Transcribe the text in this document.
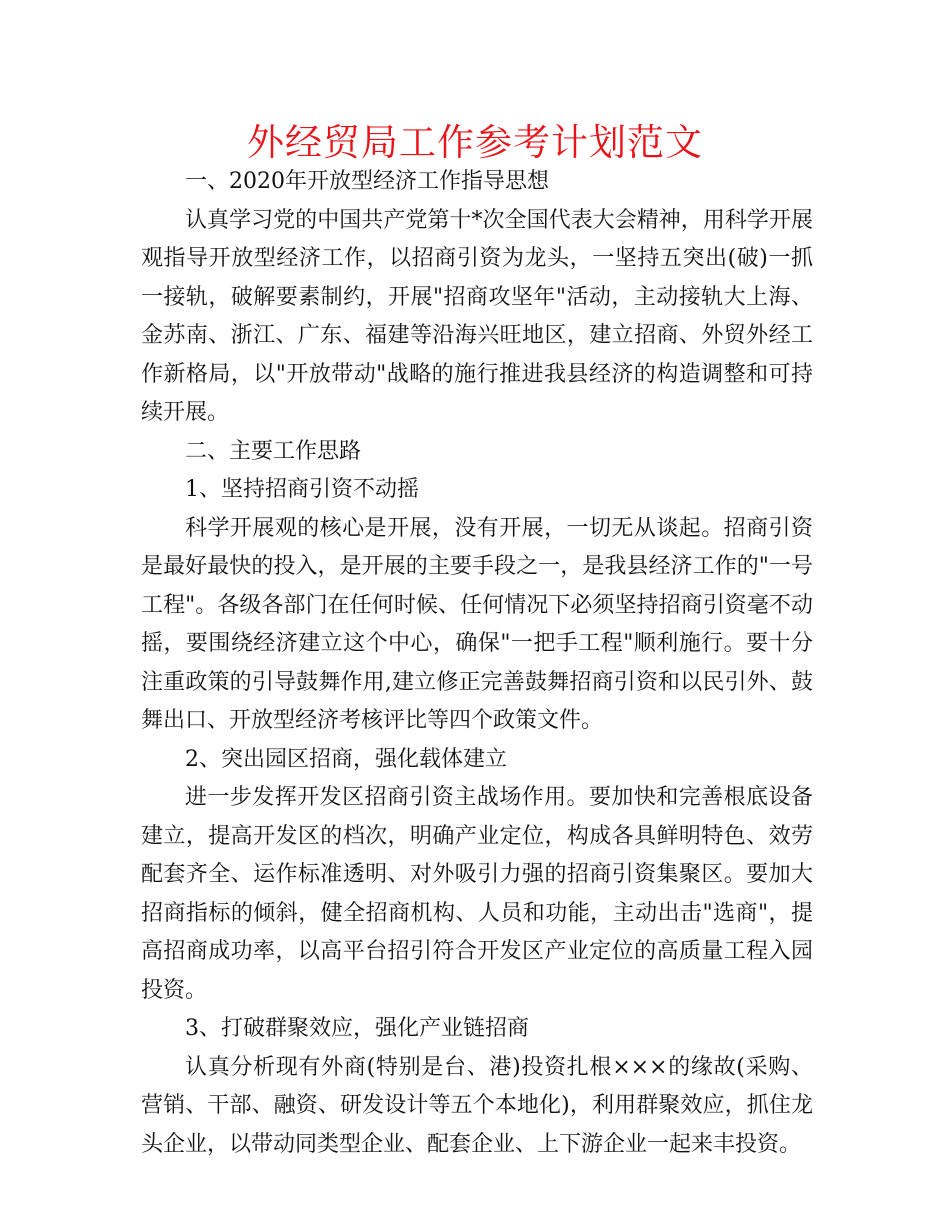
外经贸局工作参考计划范文

一、2020年开放型经济工作指导思想

认真学习党的中国共产党第十*次全国代表大会精神，用科学开展观指导开放型经济工作，以招商引资为龙头，一坚持五突出(破)一抓一接轨，破解要素制约，开展"招商攻坚年"活动，主动接轨大上海、金苏南、浙江、广东、福建等沿海兴旺地区，建立招商、外贸外经工作新格局，以"开放带动"战略的施行推进我县经济的构造调整和可持续开展。

二、主要工作思路

1、坚持招商引资不动摇

科学开展观的核心是开展，没有开展，一切无从谈起。招商引资是最好最快的投入，是开展的主要手段之一，是我县经济工作的"一号工程"。各级各部门在任何时候、任何情况下必须坚持招商引资毫不动摇，要围绕经济建立这个中心，确保"一把手工程"顺利施行。要十分注重政策的引导鼓舞作用,建立修正完善鼓舞招商引资和以民引外、鼓舞出口、开放型经济考核评比等四个政策文件。

2、突出园区招商，强化载体建立

进一步发挥开发区招商引资主战场作用。要加快和完善根底设备建立，提高开发区的档次，明确产业定位，构成各具鲜明特色、效劳配套齐全、运作标准透明、对外吸引力强的招商引资集聚区。要加大招商指标的倾斜，健全招商机构、人员和功能，主动出击"选商"，提高招商成功率，以高平台招引符合开发区产业定位的高质量工程入园投资。

3、打破群聚效应，强化产业链招商

认真分析现有外商(特别是台、港)投资扎根×××的缘故(采购、营销、干部、融资、研发设计等五个本地化)，利用群聚效应，抓住龙头企业，以带动同类型企业、配套企业、上下游企业一起来丰投资。
